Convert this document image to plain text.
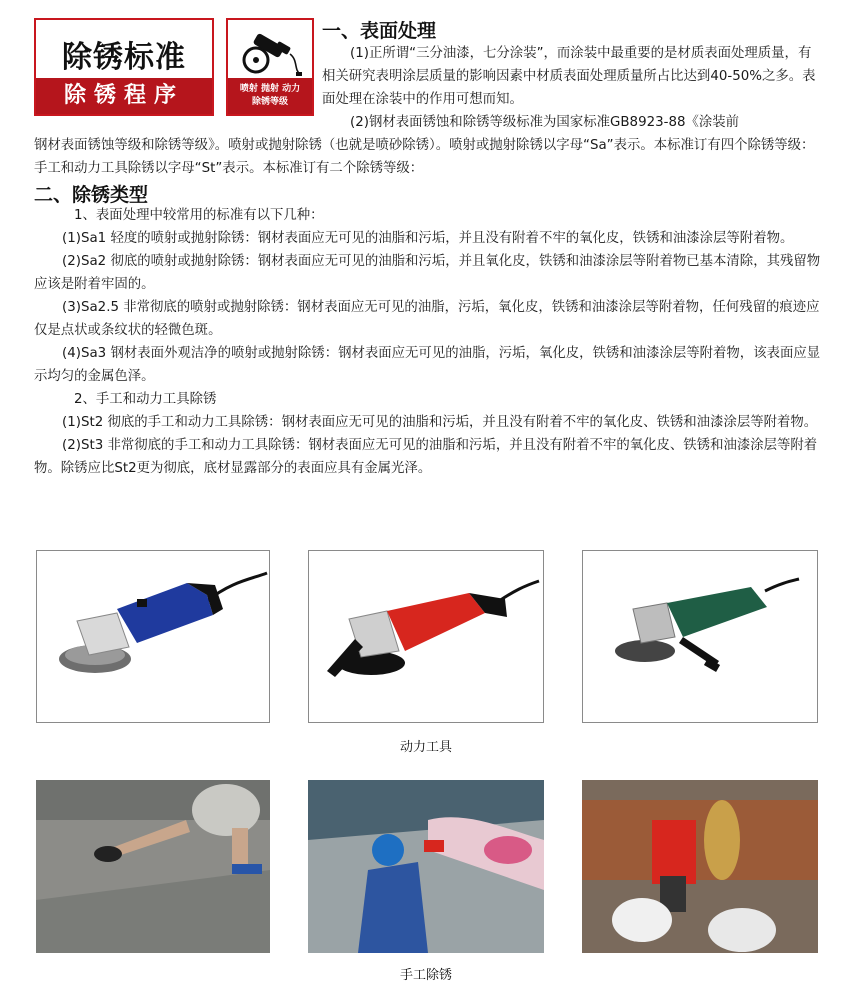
除锈标准
除锈程序	喷射 抛射 动力
除锈等级
一、表面处理

(1)正所谓“三分油漆，七分涂装”，而涂装中最重要的是材质表面处理质量，有相关研究表明涂层质量的影响因素中材质表面处理质量所占比达到40-50%之多。表面处理在涂装中的作用可想而知。

(2)钢材表面锈蚀和除锈等级标准为国家标准GB8923-88《涂装前

钢材表面锈蚀等级和除锈等级》。喷射或抛射除锈（也就是喷砂除锈）。喷射或抛射除锈以字母“Sa”表示。本标准订有四个除锈等级：手工和动力工具除锈以字母“St”表示。本标准订有二个除锈等级：

二、除锈类型
1、表面处理中较常用的标准有以下几种：

(1)Sa1 轻度的喷射或抛射除锈：钢材表面应无可见的油脂和污垢，并且没有附着不牢的氧化皮，铁锈和油漆涂层等附着物。

(2)Sa2 彻底的喷射或抛射除锈：钢材表面应无可见的油脂和污垢，并且氧化皮，铁锈和油漆涂层等附着物已基本清除，其残留物应该是附着牢固的。

(3)Sa2.5 非常彻底的喷射或抛射除锈：钢材表面应无可见的油脂，污垢，氧化皮，铁锈和油漆涂层等附着物，任何残留的痕迹应仅是点状或条纹状的轻微色斑。

(4)Sa3 钢材表面外观洁净的喷射或抛射除锈：钢材表面应无可见的油脂，污垢，氧化皮，铁锈和油漆涂层等附着物，该表面应显示均匀的金属色泽。

2、手工和动力工具除锈

(1)St2 彻底的手工和动力工具除锈：钢材表面应无可见的油脂和污垢，并且没有附着不牢的氧化皮、铁锈和油漆涂层等附着物。

(2)St3 非常彻底的手工和动力工具除锈：钢材表面应无可见的油脂和污垢，并且没有附着不牢的氧化皮、铁锈和油漆涂层等附着物。除锈应比St2更为彻底，底材显露部分的表面应具有金属光泽。

动力工具
手工除锈
